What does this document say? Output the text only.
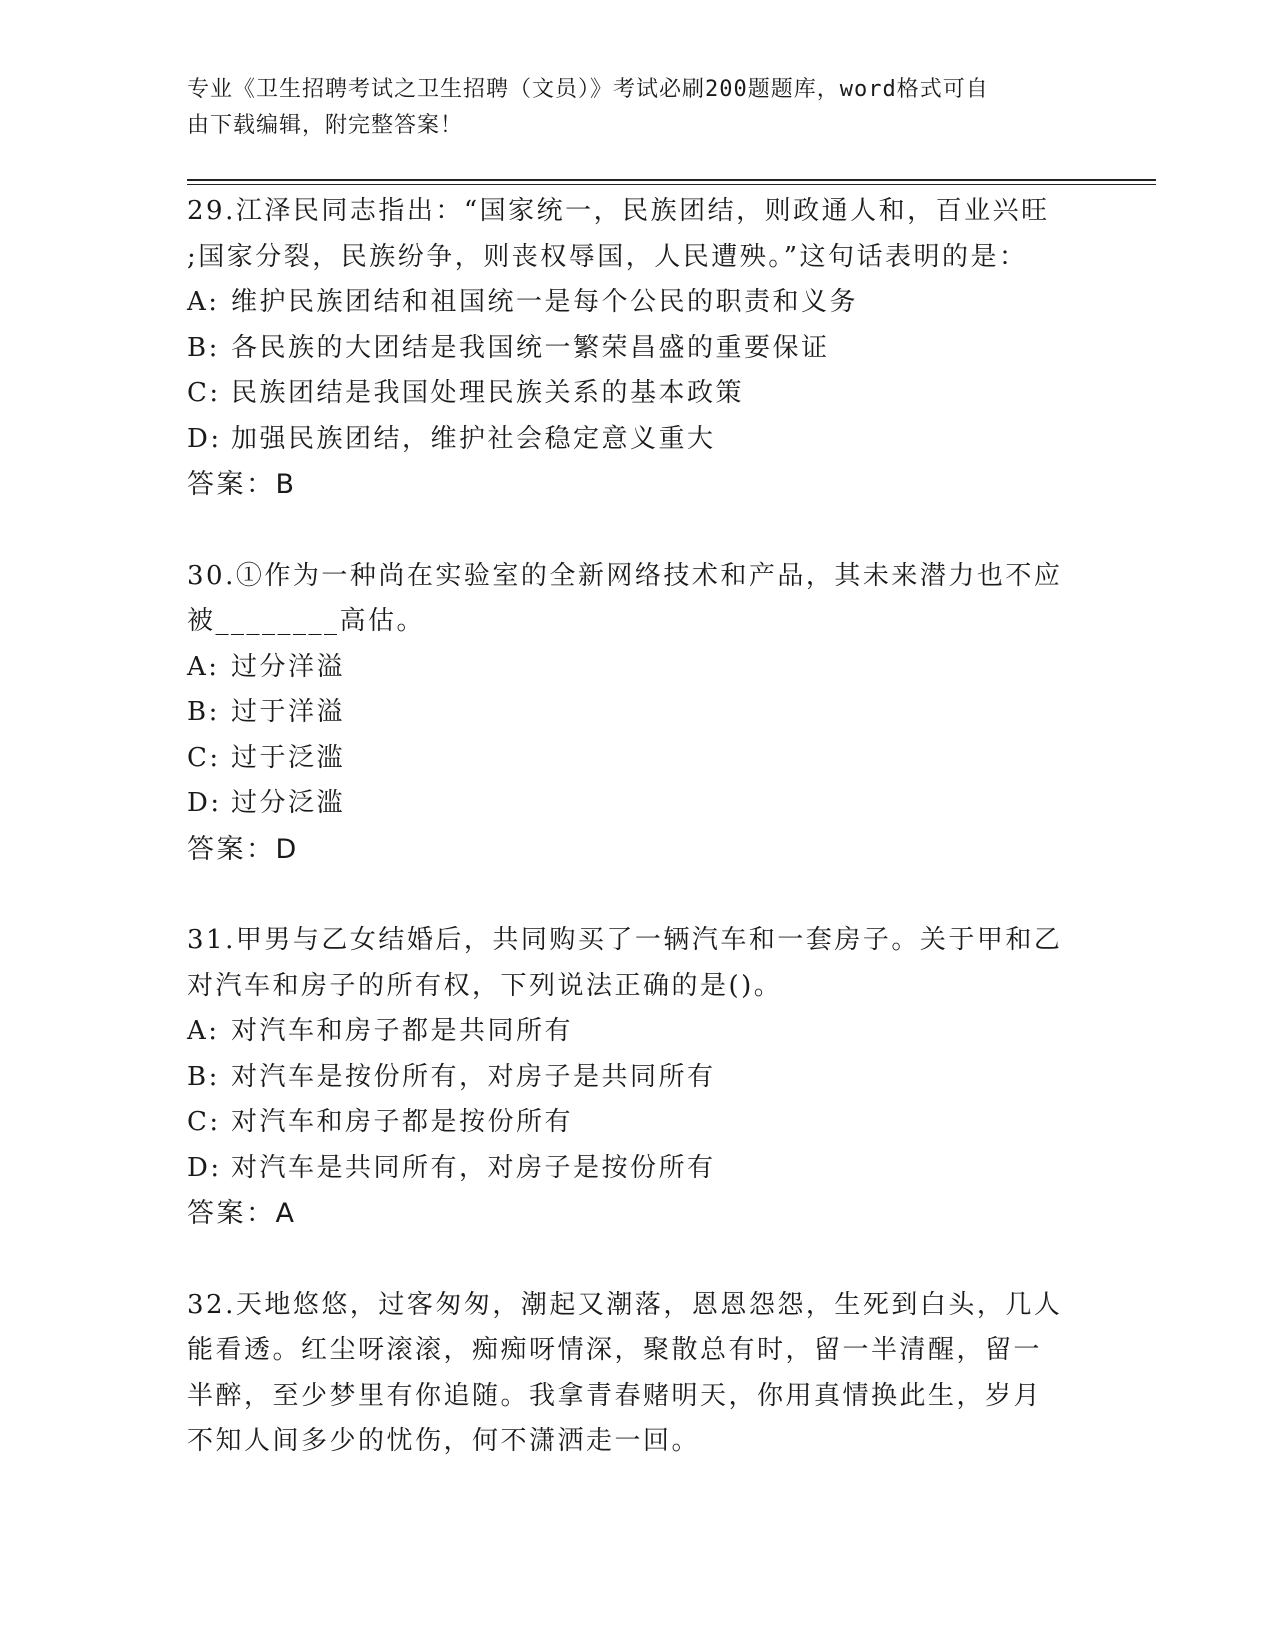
专业《卫生招聘考试之卫生招聘（文员）》考试必刷200题题库，word格式可自
由下载编辑，附完整答案！
29.江泽民同志指出：“国家统一，民族团结，则政通人和，百业兴旺
;国家分裂，民族纷争，则丧权辱国，人民遭殃。”这句话表明的是：
A: 维护民族团结和祖国统一是每个公民的职责和义务
B: 各民族的大团结是我国统一繁荣昌盛的重要保证
C: 民族团结是我国处理民族关系的基本政策
D: 加强民族团结，维护社会稳定意义重大
答案：B
30.①作为一种尚在实验室的全新网络技术和产品，其未来潜力也不应
被________高估。
A: 过分洋溢
B: 过于洋溢
C: 过于泛滥
D: 过分泛滥
答案：D
31.甲男与乙女结婚后，共同购买了一辆汽车和一套房子。关于甲和乙
对汽车和房子的所有权，下列说法正确的是()。
A: 对汽车和房子都是共同所有
B: 对汽车是按份所有，对房子是共同所有
C: 对汽车和房子都是按份所有
D: 对汽车是共同所有，对房子是按份所有
答案：A
32.天地悠悠，过客匆匆，潮起又潮落，恩恩怨怨，生死到白头，几人
能看透。红尘呀滚滚，痴痴呀情深，聚散总有时，留一半清醒，留一
半醉，至少梦里有你追随。我拿青春赌明天，你用真情换此生，岁月
不知人间多少的忧伤，何不潇洒走一回。
